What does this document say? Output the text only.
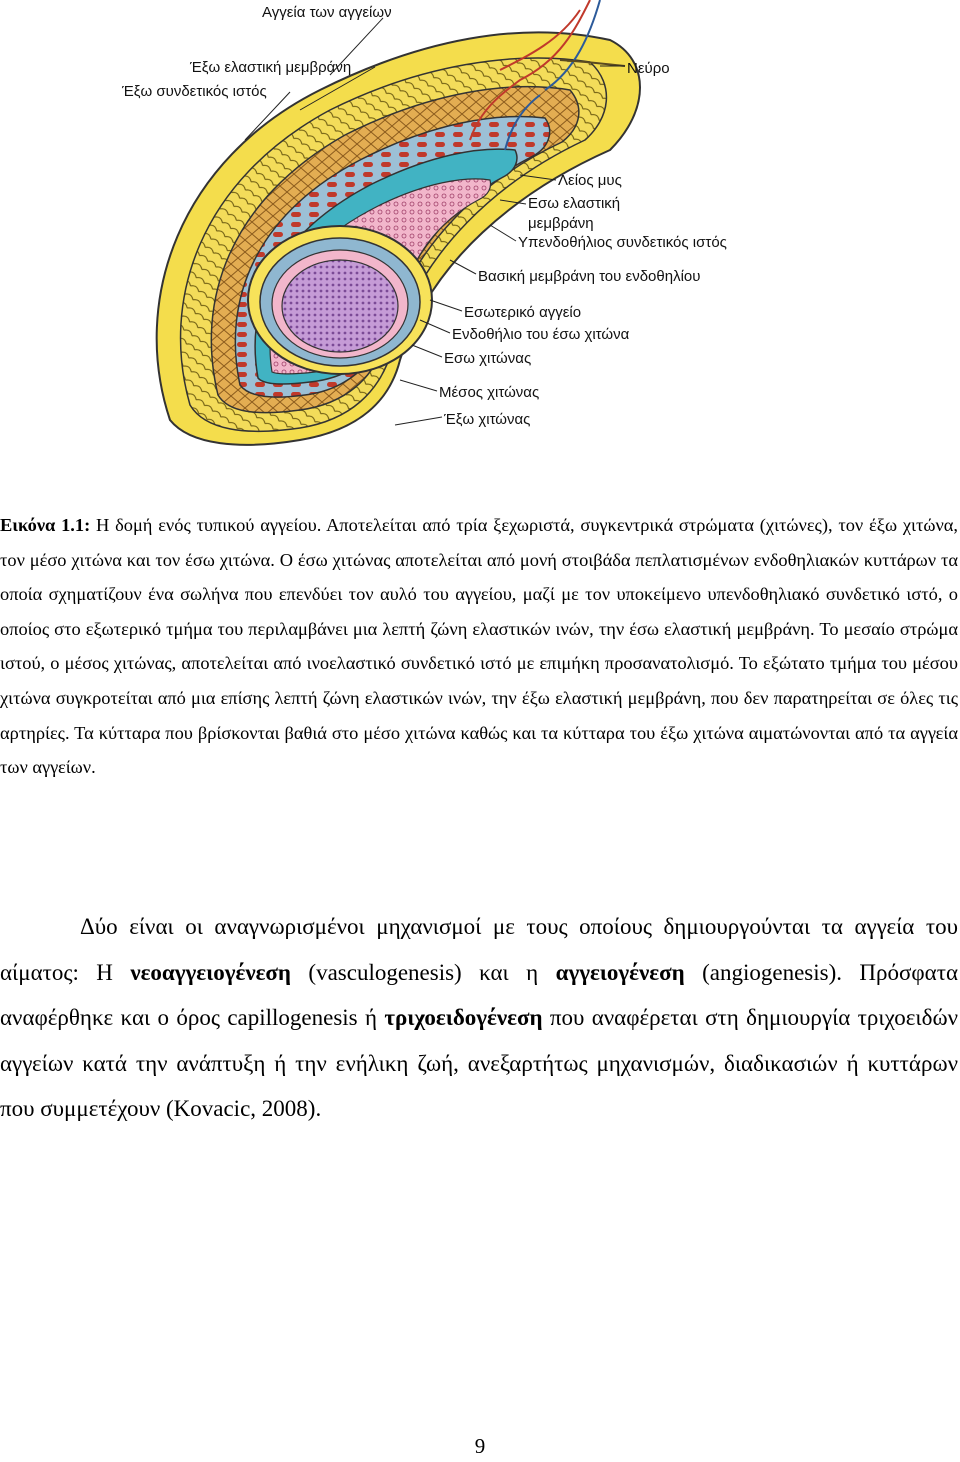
Αγγεία των αγγείων
Έξω ελαστική μεμβράνη
Έξω συνδετικός ιστός
Νεύρο
Λείος μυς
Εσω ελαστική
μεμβράνη
Υπενδοθήλιος συνδετικός ιστός
Βασική μεμβράνη του ενδοθηλίου
Εσωτερικό αγγείο
Ενδοθήλιο του έσω χιτώνα
Εσω χιτώνας
Μέσος χιτώνας
Έξω χιτώνας
Εικόνα 1.1: Η δομή ενός τυπικού αγγείου. Αποτελείται από τρία ξεχωριστά, συγκεντρικά στρώματα (χιτώνες), τον έξω χιτώνα, τον μέσο χιτώνα και τον έσω χιτώνα. Ο έσω χιτώνας αποτελείται από μονή στοιβάδα πεπλατισμένων ενδοθηλιακών κυττάρων τα οποία σχηματίζουν ένα σωλήνα που επενδύει τον αυλό του αγγείου, μαζί με τον υποκείμενο υπενδοθηλιακό συνδετικό ιστό, ο οποίος στο εξωτερικό τμήμα του περιλαμβάνει μια λεπτή ζώνη ελαστικών ινών, την έσω ελαστική μεμβράνη. Το μεσαίο στρώμα ιστού, ο μέσος χιτώνας, αποτελείται από ινοελαστικό συνδετικό ιστό με επιμήκη προσανατολισμό. Το εξώτατο τμήμα του μέσου χιτώνα συγκροτείται από μια επίσης λεπτή ζώνη ελαστικών ινών, την έξω ελαστική μεμβράνη, που δεν παρατηρείται σε όλες τις αρτηρίες. Τα κύτταρα που βρίσκονται βαθιά στο μέσο χιτώνα καθώς και τα κύτταρα του έξω χιτώνα αιματώνονται από τα αγγεία των αγγείων.
Δύο είναι οι αναγνωρισμένοι μηχανισμοί με τους οποίους δημιουργούνται τα αγγεία του αίματος: Η νεοαγγειογένεση (vasculogenesis) και η αγγειογένεση (angiogenesis). Πρόσφατα αναφέρθηκε και ο όρος capillogenesis ή τριχοειδογένεση που αναφέρεται στη δημιουργία τριχοειδών αγγείων κατά την ανάπτυξη ή την ενήλικη ζωή, ανεξαρτήτως μηχανισμών, διαδικασιών ή κυττάρων που συμμετέχουν (Kovacic, 2008).
9
